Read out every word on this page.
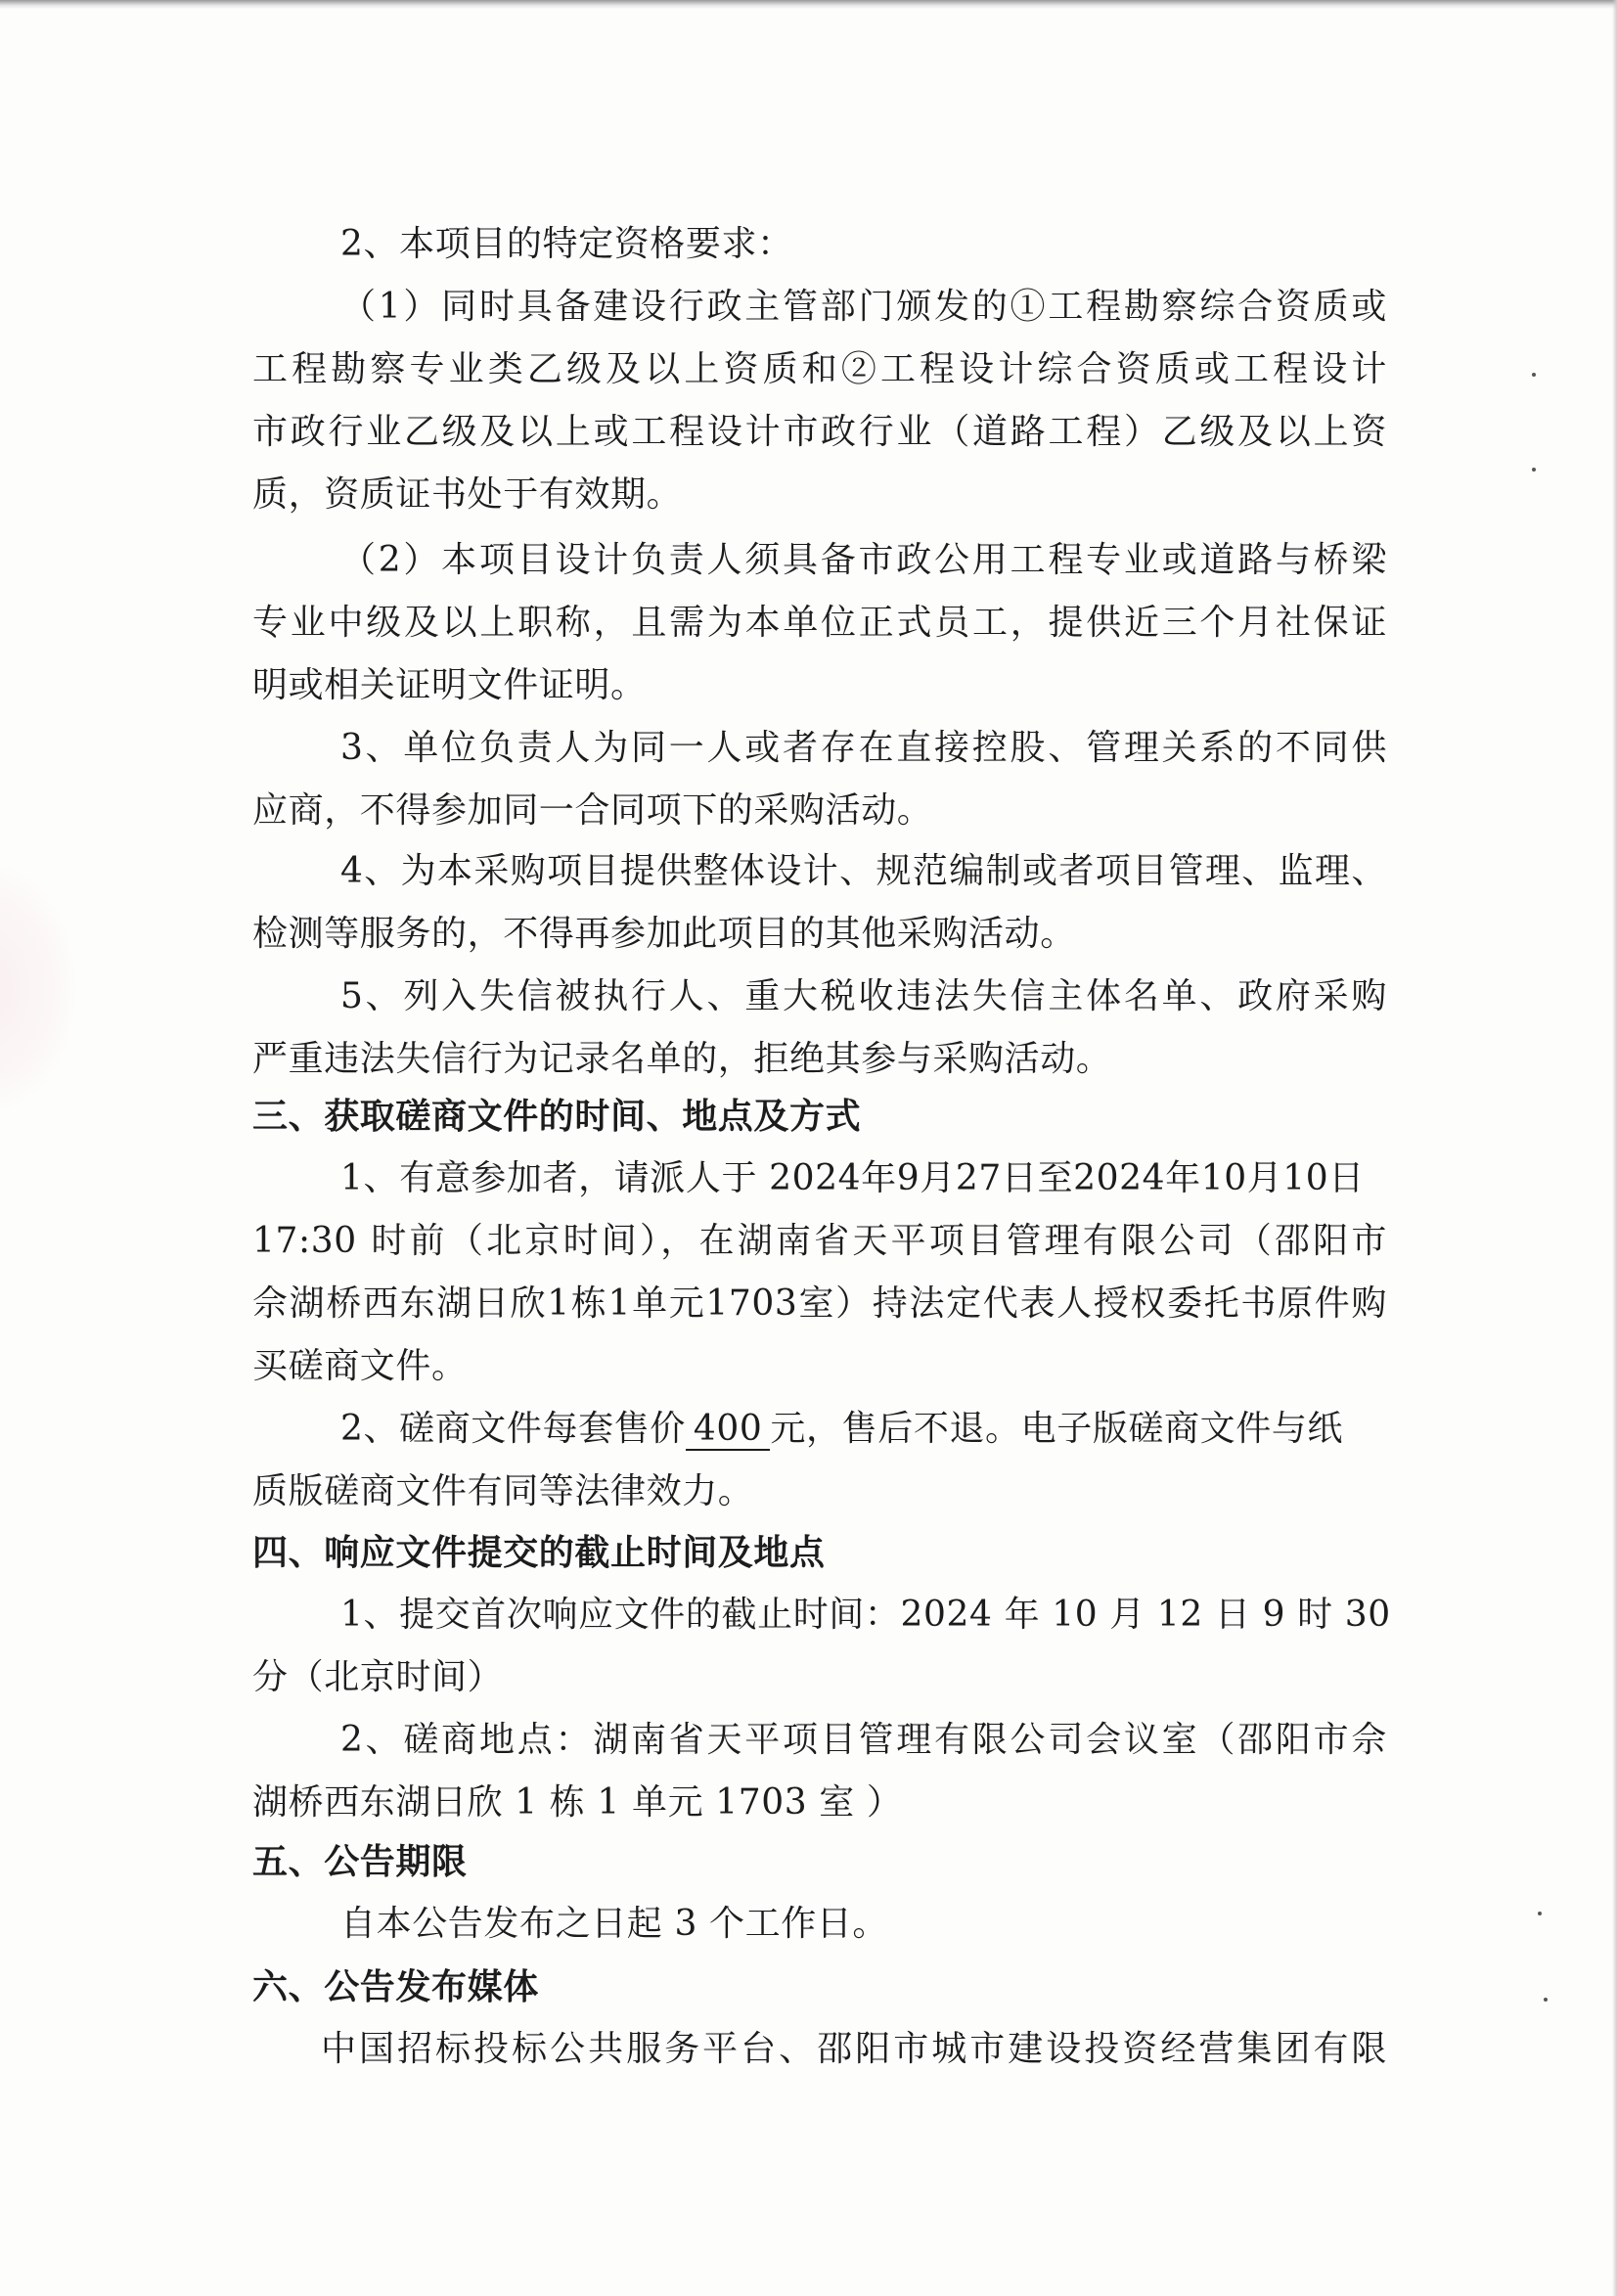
2、本项目的特定资格要求：
（1）同时具备建设行政主管部门颁发的①工程勘察综合资质或
工程勘察专业类乙级及以上资质和②工程设计综合资质或工程设计
市政行业乙级及以上或工程设计市政行业（道路工程）乙级及以上资
质，资质证书处于有效期。
（2）本项目设计负责人须具备市政公用工程专业或道路与桥梁
专业中级及以上职称，且需为本单位正式员工，提供近三个月社保证
明或相关证明文件证明。
3、单位负责人为同一人或者存在直接控股、管理关系的不同供
应商，不得参加同一合同项下的采购活动。
4、为本采购项目提供整体设计、规范编制或者项目管理、监理、
检测等服务的，不得再参加此项目的其他采购活动。
5、列入失信被执行人、重大税收违法失信主体名单、政府采购
严重违法失信行为记录名单的，拒绝其参与采购活动。
三、获取磋商文件的时间、地点及方式
1、有意参加者，请派人于 2024年9月27日至2024年10月10日
17:30 时前（北京时间），在湖南省天平项目管理有限公司（邵阳市
佘湖桥西东湖日欣1栋1单元1703室）持法定代表人授权委托书原件购
买磋商文件。
2、磋商文件每套售价 400 元，售后不退。电子版磋商文件与纸
质版磋商文件有同等法律效力。
四、响应文件提交的截止时间及地点
1、提交首次响应文件的截止时间：2024 年 10 月 12 日 9 时 30
分（北京时间）
2、磋商地点：湖南省天平项目管理有限公司会议室（邵阳市佘
湖桥西东湖日欣 1 栋 1 单元 1703 室 ）
五、公告期限
自本公告发布之日起 3 个工作日。
六、公告发布媒体
中国招标投标公共服务平台、邵阳市城市建设投资经营集团有限
